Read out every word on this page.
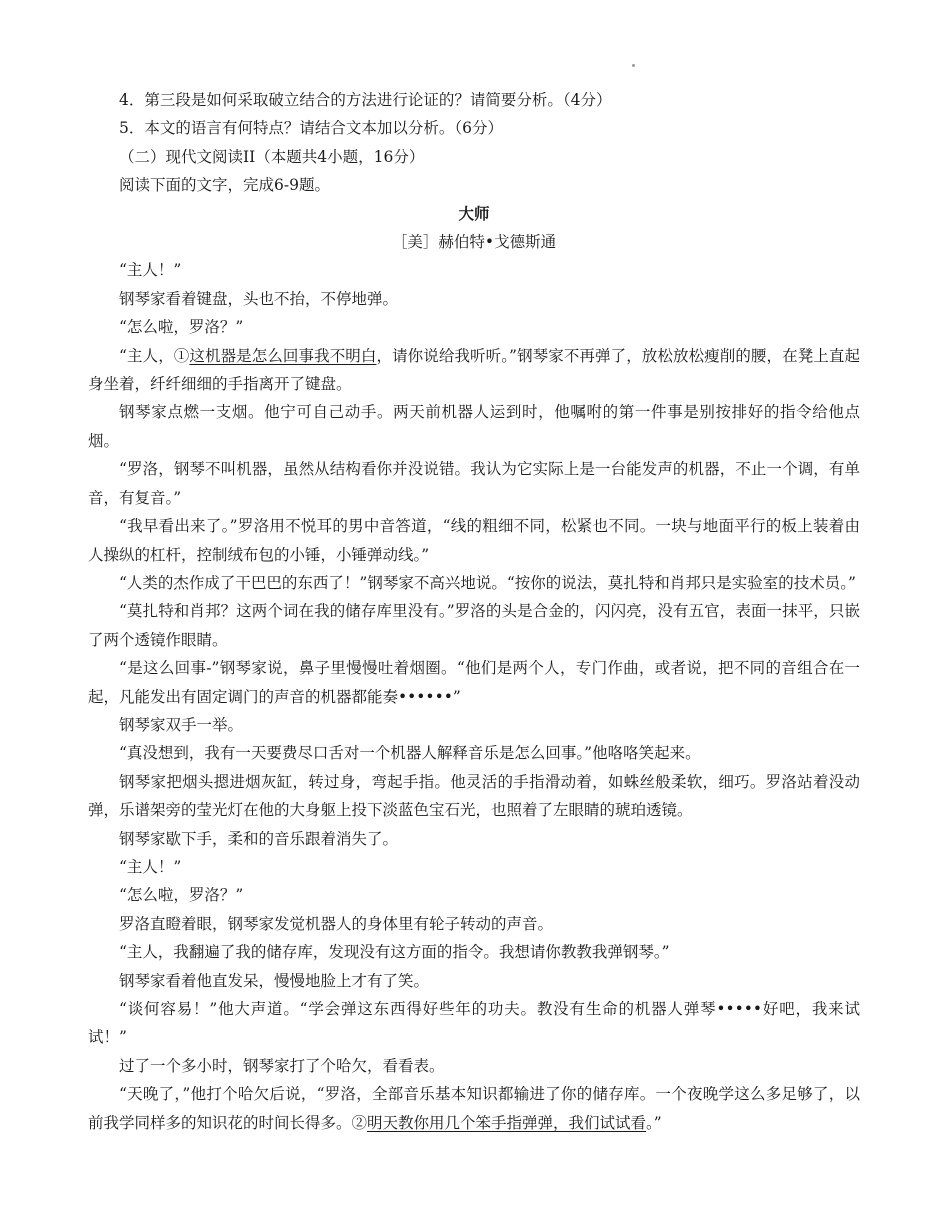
4．第三段是如何采取破立结合的方法进行论证的？请简要分析。（4分）

5．本文的语言有何特点？请结合文本加以分析。（6分）

（二）现代文阅读II（本题共4小题，16分）

阅读下面的文字，完成6-9题。

大师

［美］赫伯特•戈德斯通

“主人！”

钢琴家看着键盘，头也不抬，不停地弹。

“怎么啦，罗洛？”

“主人，①这机器是怎么回事我不明白，请你说给我听听。”钢琴家不再弹了，放松放松瘦削的腰，在凳上直起身坐着，纤纤细细的手指离开了键盘。

钢琴家点燃一支烟。他宁可自己动手。两天前机器人运到时，他嘱咐的第一件事是别按排好的指令给他点烟。

“罗洛，钢琴不叫机器，虽然从结构看你并没说错。我认为它实际上是一台能发声的机器，不止一个调，有单音，有复音。”

“我早看出来了。”罗洛用不悦耳的男中音答道，“线的粗细不同，松紧也不同。一块与地面平行的板上装着由人操纵的杠杆，控制绒布包的小锤，小锤弹动线。”

“人类的杰作成了干巴巴的东西了！”钢琴家不高兴地说。“按你的说法，莫扎特和肖邦只是实验室的技术员。”

“莫扎特和肖邦？这两个词在我的储存库里没有。”罗洛的头是合金的，闪闪亮，没有五官，表面一抹平，只嵌了两个透镜作眼睛。

“是这么回事-”钢琴家说，鼻子里慢慢吐着烟圈。“他们是两个人，专门作曲，或者说，把不同的音组合在一起，凡能发出有固定调门的声音的机器都能奏••••••”

钢琴家双手一举。

“真没想到，我有一天要费尽口舌对一个机器人解释音乐是怎么回事。”他咯咯笑起来。

钢琴家把烟头摁进烟灰缸，转过身，弯起手指。他灵活的手指滑动着，如蛛丝般柔软，细巧。罗洛站着没动弹，乐谱架旁的莹光灯在他的大身躯上投下淡蓝色宝石光，也照着了左眼睛的琥珀透镜。

钢琴家歇下手，柔和的音乐跟着消失了。

“主人！”

“怎么啦，罗洛？”

罗洛直瞪着眼，钢琴家发觉机器人的身体里有轮子转动的声音。

“主人，我翻遍了我的储存库，发现没有这方面的指令。我想请你教教我弹钢琴。”

钢琴家看着他直发呆，慢慢地脸上才有了笑。

“谈何容易！”他大声道。“学会弹这东西得好些年的功夫。教没有生命的机器人弹琴•••••好吧，我来试试！”

过了一个多小时，钢琴家打了个哈欠，看看表。

“天晚了，”他打个哈欠后说，“罗洛，全部音乐基本知识都输进了你的储存库。一个夜晚学这么多足够了，以前我学同样多的知识花的时间长得多。②明天教你用几个笨手指弹弹，我们试试看。”
